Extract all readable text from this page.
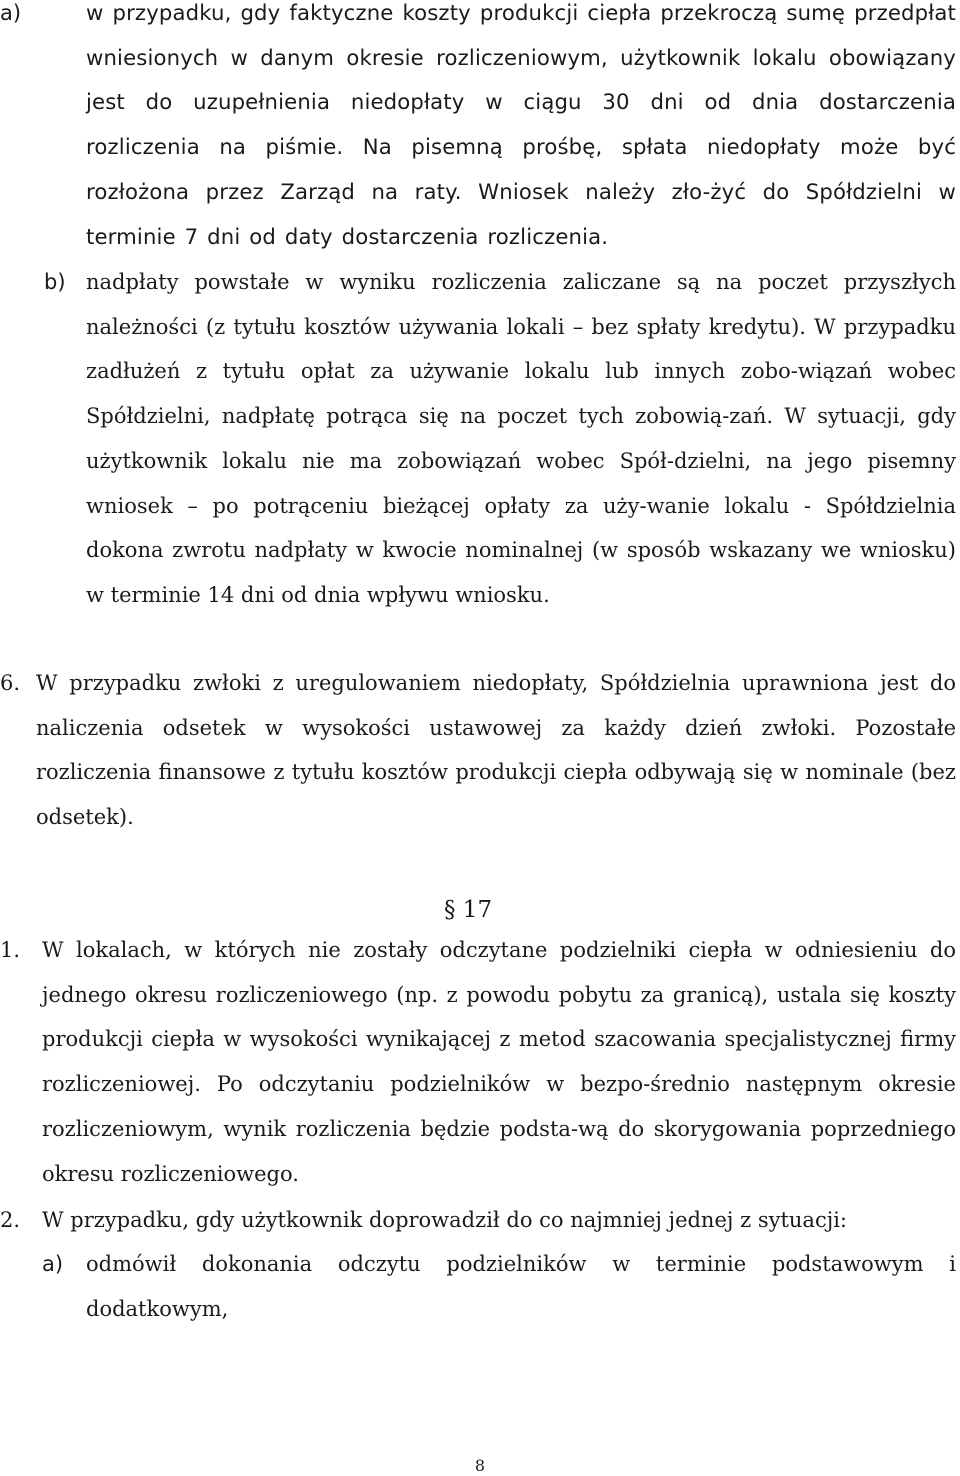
a)	w przypadku, gdy faktyczne koszty produkcji ciepła przekroczą sumę przedpłat wniesionych w danym okresie rozliczeniowym, użytkownik lokalu obowiązany jest do uzupełnienia niedopłaty w ciągu 30 dni od dnia dostarczenia rozliczenia na piśmie. Na pisemną prośbę, spłata niedopłaty może być rozłożona przez Zarząd na raty. Wniosek należy zło-żyć do Spółdzielni w terminie 7 dni od daty dostarczenia rozliczenia.
b) nadpłaty powstałe w wyniku rozliczenia zaliczane są na poczet przyszłych należności (z tytułu kosztów używania lokali – bez spłaty kredytu). W przypadku zadłużeń z tytułu opłat za używanie lokalu lub innych zobo-wiązań wobec Spółdzielni, nadpłatę potrąca się na poczet tych zobowią-zań. W sytuacji, gdy użytkownik lokalu nie ma zobowiązań wobec Spół-dzielni, na jego pisemny wniosek – po potrąceniu bieżącej opłaty za uży-wanie lokalu - Spółdzielnia dokona zwrotu nadpłaty w kwocie nominalnej (w sposób wskazany we wniosku) w terminie 14 dni od dnia wpływu wniosku.
6. W przypadku zwłoki z uregulowaniem niedopłaty, Spółdzielnia uprawniona jest do naliczenia odsetek w wysokości ustawowej za każdy dzień zwłoki. Pozostałe rozliczenia finansowe z tytułu kosztów produkcji ciepła odbywają się w nominale (bez odsetek).
§ 17
1.	W lokalach, w których nie zostały odczytane podzielniki ciepła w odniesieniu do jednego okresu rozliczeniowego (np. z powodu pobytu za granicą), ustala się koszty produkcji ciepła w wysokości wynikającej z metod szacowania specjalistycznej firmy rozliczeniowej. Po odczytaniu podzielników w bezpo-średnio następnym okresie rozliczeniowym, wynik rozliczenia będzie podsta-wą do skorygowania poprzedniego okresu rozliczeniowego.
2.	W przypadku, gdy użytkownik doprowadził do co najmniej jednej z sytuacji:
a)	odmówił dokonania odczytu podzielników w terminie podstawowym i dodatkowym,
8
